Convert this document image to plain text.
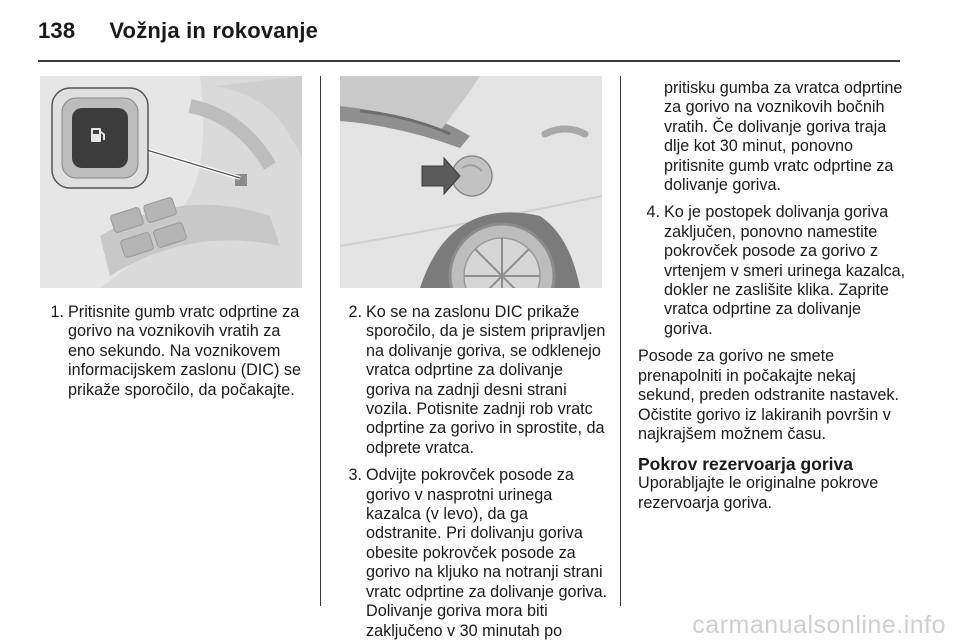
138 Vožnja in rokovanje
1. Pritisnite gumb vratc odprtine za gorivo na voznikovih vratih za eno sekundo. Na voznikovem informacijskem zaslonu (DIC) se prikaže sporočilo, da počakajte.
2. Ko se na zaslonu DIC prikaže sporočilo, da je sistem pripravljen na dolivanje goriva, se odklenejo vratca odprtine za dolivanje goriva na zadnji desni strani vozila. Potisnite zadnji rob vratc odprtine za gorivo in sprostite, da odprete vratca.
3. Odvijte pokrovček posode za gorivo v nasprotni urinega kazalca (v levo), da ga odstranite. Pri dolivanju goriva obesite pokrovček posode za gorivo na kljuko na notranji strani vratc odprtine za dolivanje goriva. Dolivanje goriva mora biti zaključeno v 30 minutah po

pritisku gumba za vratca odprtine za gorivo na voznikovih bočnih vratih. Če dolivanje goriva traja dlje kot 30 minut, ponovno pritisnite gumb vratc odprtine za dolivanje goriva.

4. Ko je postopek dolivanja goriva zaključen, ponovno namestite pokrovček posode za gorivo z vrtenjem v smeri urinega kazalca, dokler ne zaslišite klika. Zaprite vratca odprtine za dolivanje goriva.

Posode za gorivo ne smete prenapolniti in počakajte nekaj sekund, preden odstranite nastavek. Očistite gorivo iz lakiranih površin v najkrajšem možnem času.

Pokrov rezervoarja goriva

Uporabljajte le originalne pokrove rezervoarja goriva.

carmanualsonline.info
